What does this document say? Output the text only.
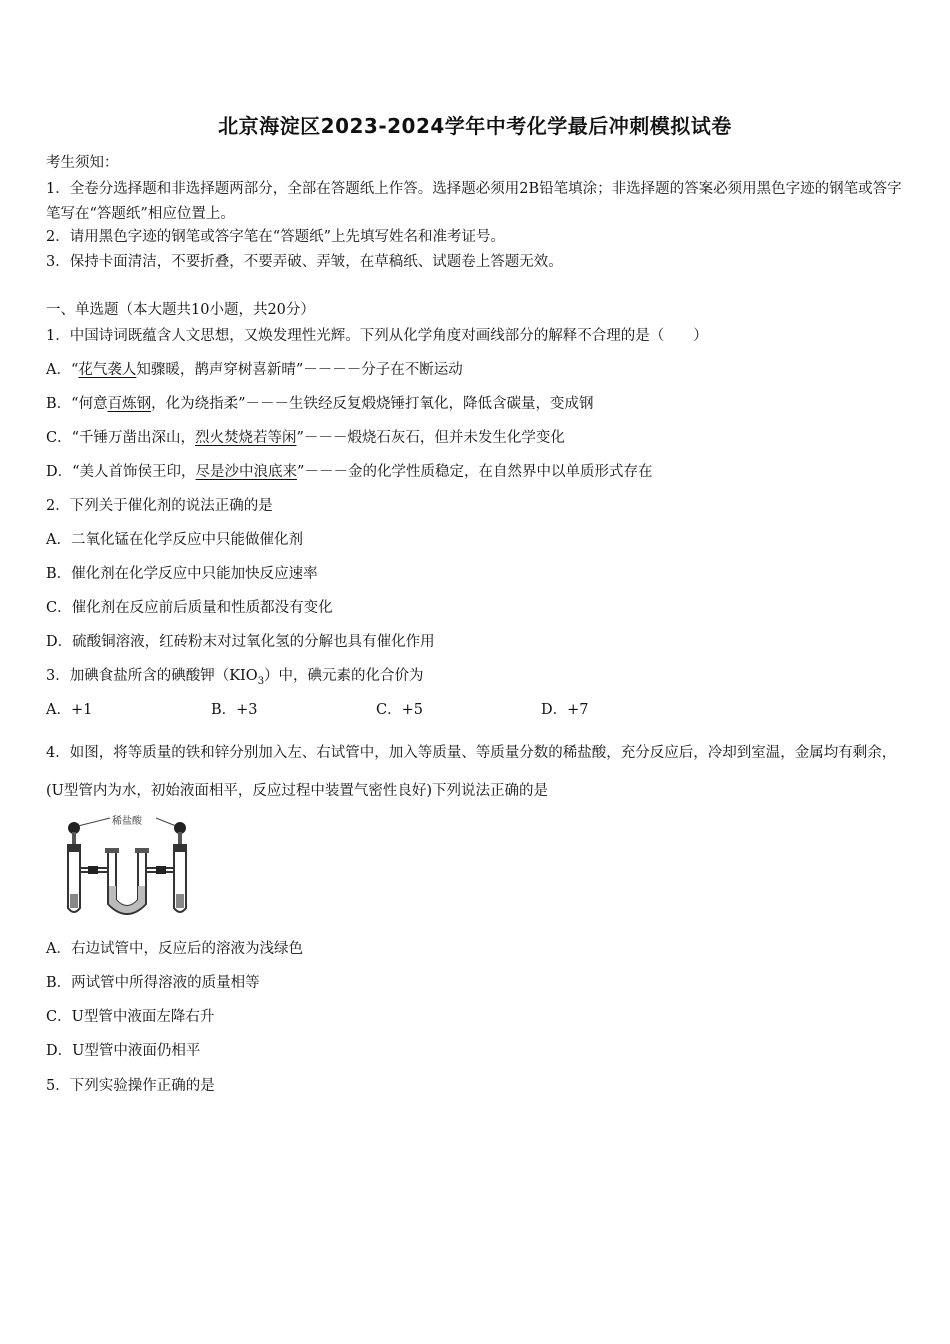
北京海淀区2023-2024学年中考化学最后冲刺模拟试卷
考生须知：
1．全卷分选择题和非选择题两部分，全部在答题纸上作答。选择题必须用2B铅笔填涂；非选择题的答案必须用黑色字迹的钢笔或答字笔写在“答题纸”相应位置上。
2．请用黑色字迹的钢笔或答字笔在“答题纸”上先填写姓名和准考证号。
3．保持卡面清洁，不要折叠，不要弄破、弄皱，在草稿纸、试题卷上答题无效。
一、单选题（本大题共10小题，共20分）
1．中国诗词既蕴含人文思想，又焕发理性光辉。下列从化学角度对画线部分的解释不合理的是（　　）
A．“花气袭人知骤暖，鹊声穿树喜新晴”－－－－分子在不断运动
B．“何意百炼钢，化为绕指柔”－－－生铁经反复煅烧锤打氧化，降低含碳量，变成钢
C．“千锤万凿出深山，烈火焚烧若等闲”－－－煅烧石灰石，但并未发生化学变化
D．“美人首饰侯王印，尽是沙中浪底来”－－－金的化学性质稳定，在自然界中以单质形式存在
2．下列关于催化剂的说法正确的是
A．二氧化锰在化学反应中只能做催化剂
B．催化剂在化学反应中只能加快反应速率
C．催化剂在反应前后质量和性质都没有变化
D．硫酸铜溶液，红砖粉末对过氧化氢的分解也具有催化作用
3．加碘食盐所含的碘酸钾$(KIO_3)$中，碘元素的化合价为
A．+1	B．+3	C．+5	D．+7
4．如图，将等质量的铁和锌分别加入左、右试管中，加入等质量、等质量分数的稀盐酸，充分反应后，冷却到室温，金属均有剩余，(U型管内为水，初始液面相平，反应过程中装置气密性良好)下列说法正确的是
稀盐酸
A．右边试管中，反应后的溶液为浅绿色
B．两试管中所得溶液的质量相等
C．U型管中液面左降右升
D．U型管中液面仍相平
5．下列实验操作正确的是
